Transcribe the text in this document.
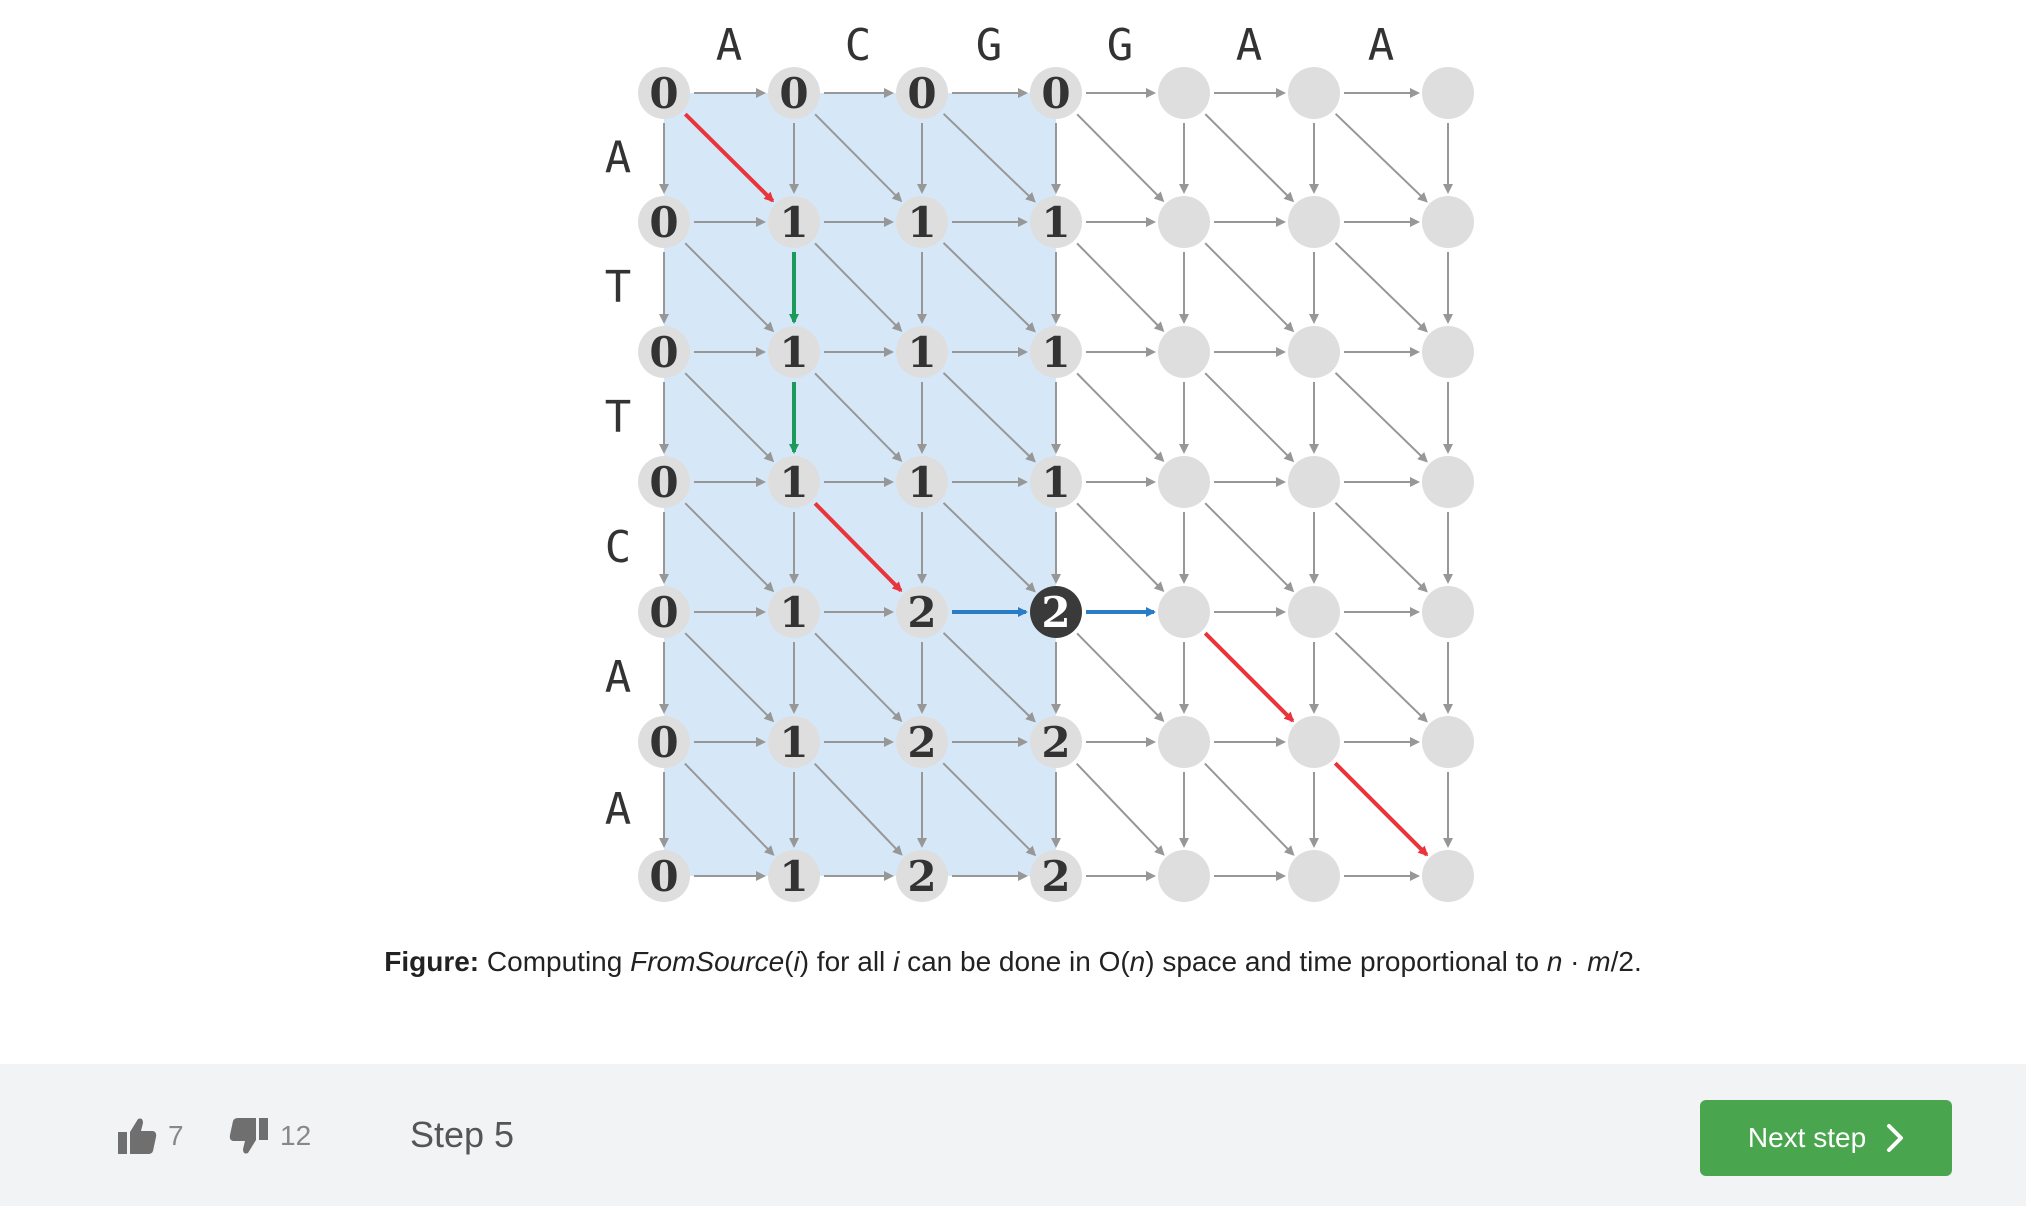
0 0 0 0
0 1 1 1
0 1 1 1
0 1 1 1
0 1 2 2
0 1 2 2
0 1 2 2
A C G G A A
A
T
T
C
A
A
Figure: Computing FromSource(i) for all i can be done in O(n) space and time proportional to n · m/2.
7	12	Step 5	Next step
